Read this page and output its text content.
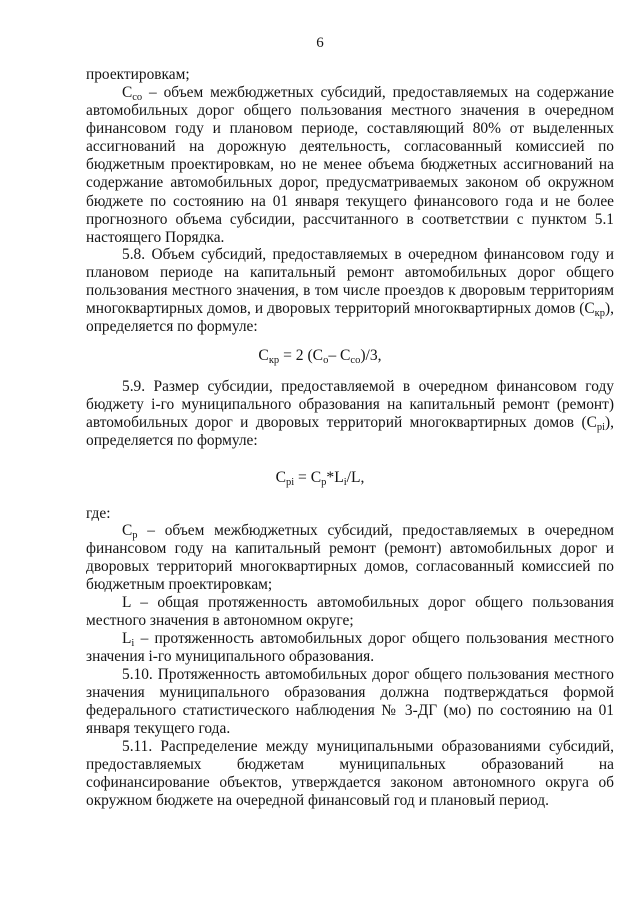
6

проектировкам;

$С_{со}$ – объем межбюджетных субсидий, предоставляемых на содержание автомобильных дорог общего пользования местного значения в очередном финансовом году и плановом периоде, составляющий 80% от выделенных ассигнований на дорожную деятельность, согласованный комиссией по бюджетным проектировкам, но не менее объема бюджетных ассигнований на содержание автомобильных дорог, предусматриваемых законом об окружном бюджете по состоянию на 01 января текущего финансового года и не более прогнозного объема субсидии, рассчитанного в соответствии с пунктом 5.1 настоящего Порядка.

5.8. Объем субсидий, предоставляемых в очередном финансовом году и плановом периоде на капитальный ремонт автомобильных дорог общего пользования местного значения, в том числе проездов к дворовым территориям многоквартирных домов, и дворовых территорий многоквартирных домов $(С_{кр})$, определяется по формуле:

$С_{кр} = 2$ ($С_о-$ $С_{со})/3$,

5.9. Размер субсидии, предоставляемой в очередном финансовом году бюджету i-го муниципального образования на капитальный ремонт (ремонт) автомобильных дорог и дворовых территорий многоквартирных домов $(С_{рi})$, определяется по формуле:

$С_{рi} = С_р*L_i/L$,

где:

$С_р$ – объем межбюджетных субсидий, предоставляемых в очередном финансовом году на капитальный ремонт (ремонт) автомобильных дорог и дворовых территорий многоквартирных домов, согласованный комиссией по бюджетным проектировкам;

L – общая протяженность автомобильных дорог общего пользования местного значения в автономном округе;

$L_i$ – протяженность автомобильных дорог общего пользования местного значения i-го муниципального образования.

5.10. Протяженность автомобильных дорог общего пользования местного значения муниципального образования должна подтверждаться формой федерального статистического наблюдения № 3-ДГ (мо) по состоянию на 01 января текущего года.

5.11. Распределение между муниципальными образованиями субсидий, предоставляемых бюджетам муниципальных образований на софинансирование объектов, утверждается законом автономного округа об окружном бюджете на очередной финансовый год и плановый период.
